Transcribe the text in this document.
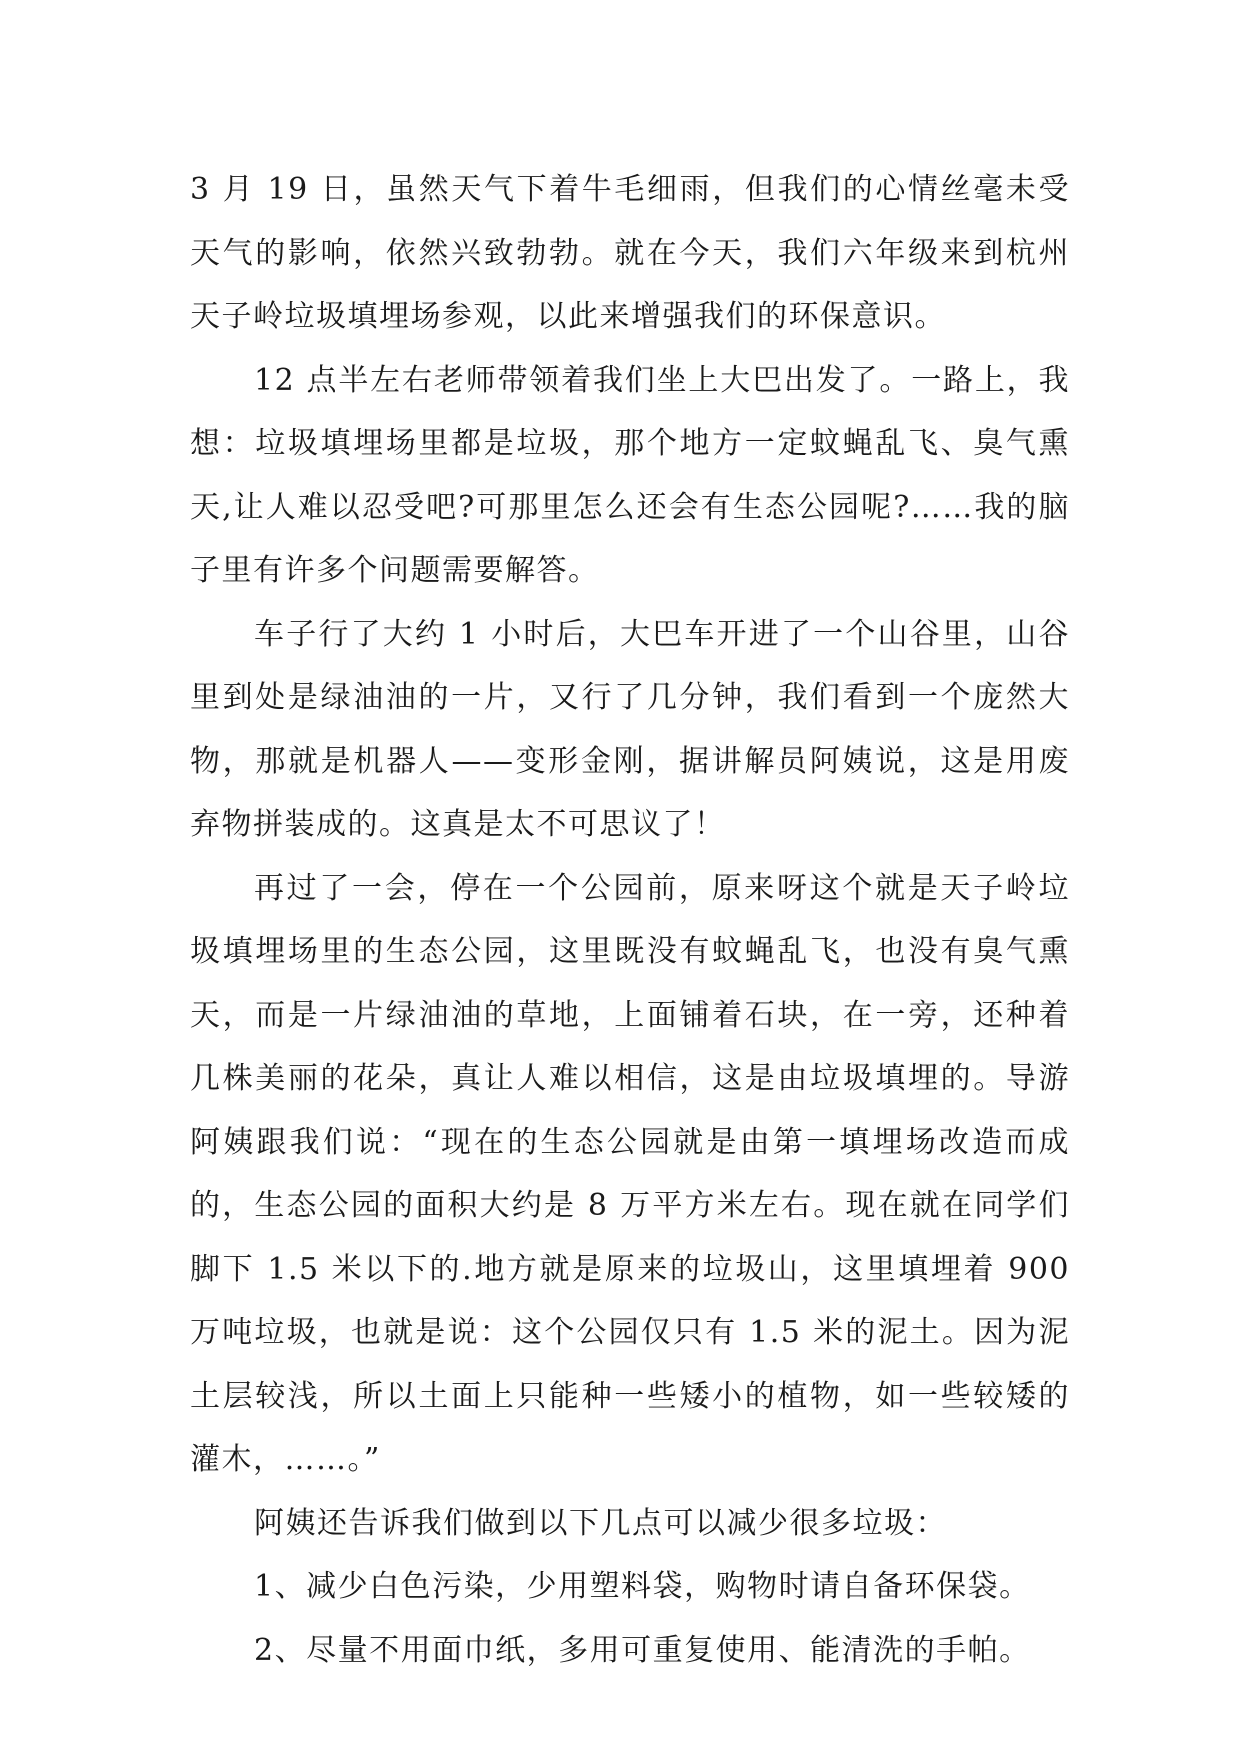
3 月 19 日，虽然天气下着牛毛细雨，但我们的心情丝毫未受天气的影响，依然兴致勃勃。就在今天，我们六年级来到杭州天子岭垃圾填埋场参观，以此来增强我们的环保意识。

12 点半左右老师带领着我们坐上大巴出发了。一路上，我想：垃圾填埋场里都是垃圾，那个地方一定蚊蝇乱飞、臭气熏天,让人难以忍受吧?可那里怎么还会有生态公园呢?……我的脑子里有许多个问题需要解答。

车子行了大约 1 小时后，大巴车开进了一个山谷里，山谷里到处是绿油油的一片，又行了几分钟，我们看到一个庞然大物，那就是机器人——变形金刚，据讲解员阿姨说，这是用废弃物拼装成的。这真是太不可思议了！

再过了一会，停在一个公园前，原来呀这个就是天子岭垃圾填埋场里的生态公园，这里既没有蚊蝇乱飞，也没有臭气熏天，而是一片绿油油的草地，上面铺着石块，在一旁，还种着几株美丽的花朵，真让人难以相信，这是由垃圾填埋的。导游阿姨跟我们说：“现在的生态公园就是由第一填埋场改造而成的，生态公园的面积大约是 8 万平方米左右。现在就在同学们脚下 1.5 米以下的.地方就是原来的垃圾山，这里填埋着 900 万吨垃圾，也就是说：这个公园仅只有 1.5 米的泥土。因为泥土层较浅，所以土面上只能种一些矮小的植物，如一些较矮的灌木，……。”

阿姨还告诉我们做到以下几点可以减少很多垃圾：

1、减少白色污染，少用塑料袋，购物时请自备环保袋。

2、尽量不用面巾纸，多用可重复使用、能清洗的手帕。
